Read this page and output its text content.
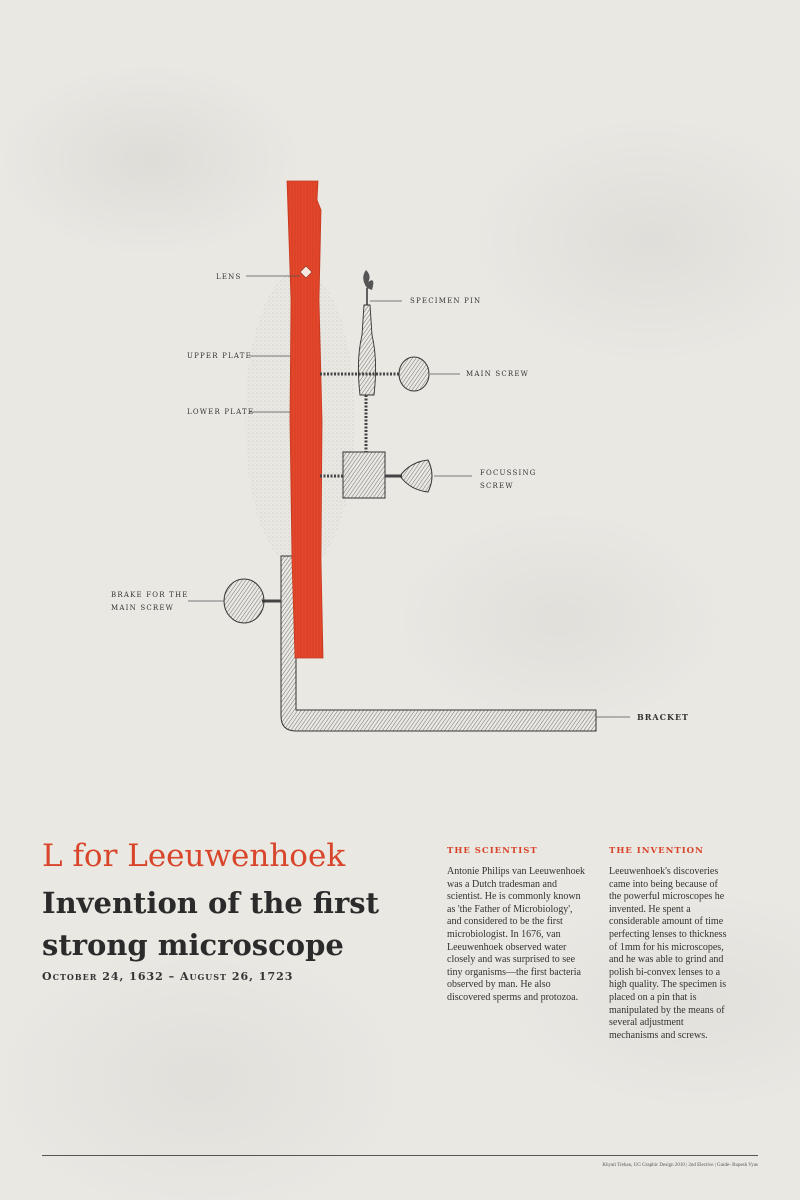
LENS
SPECIMEN PIN
UPPER PLATE
MAIN SCREW
LOWER PLATE
FOCUSSING
SCREW
BRAKE FOR THE
MAIN SCREW
BRACKET
L for Leeuwenhoek
Invention of the first strong microscope
October 24, 1632 – August 26, 1723
THE SCIENTIST
Antonie Philips van Leeuwenhoek was a Dutch tradesman and scientist. He is commonly known as 'the Father of Microbiology', and considered to be the first microbiologist. In 1676, van Leeuwenhoek observed water closely and was surprised to see tiny organisms—the first bacteria observed by man. He also discovered sperms and protozoa.
THE INVENTION
Leeuwenhoek's discoveries came into being because of the powerful microscopes he invented. He spent a considerable amount of time perfecting lenses to thickness of 1mm for his microscopes, and he was able to grind and polish bi-convex lenses to a high quality. The specimen is placed on a pin that is manipulated by the means of several adjustment mechanisms and screws.
Khyati Trehan, UG Graphic Design 2010 | 2nd Elective | Guide- Rupesh Vyas
